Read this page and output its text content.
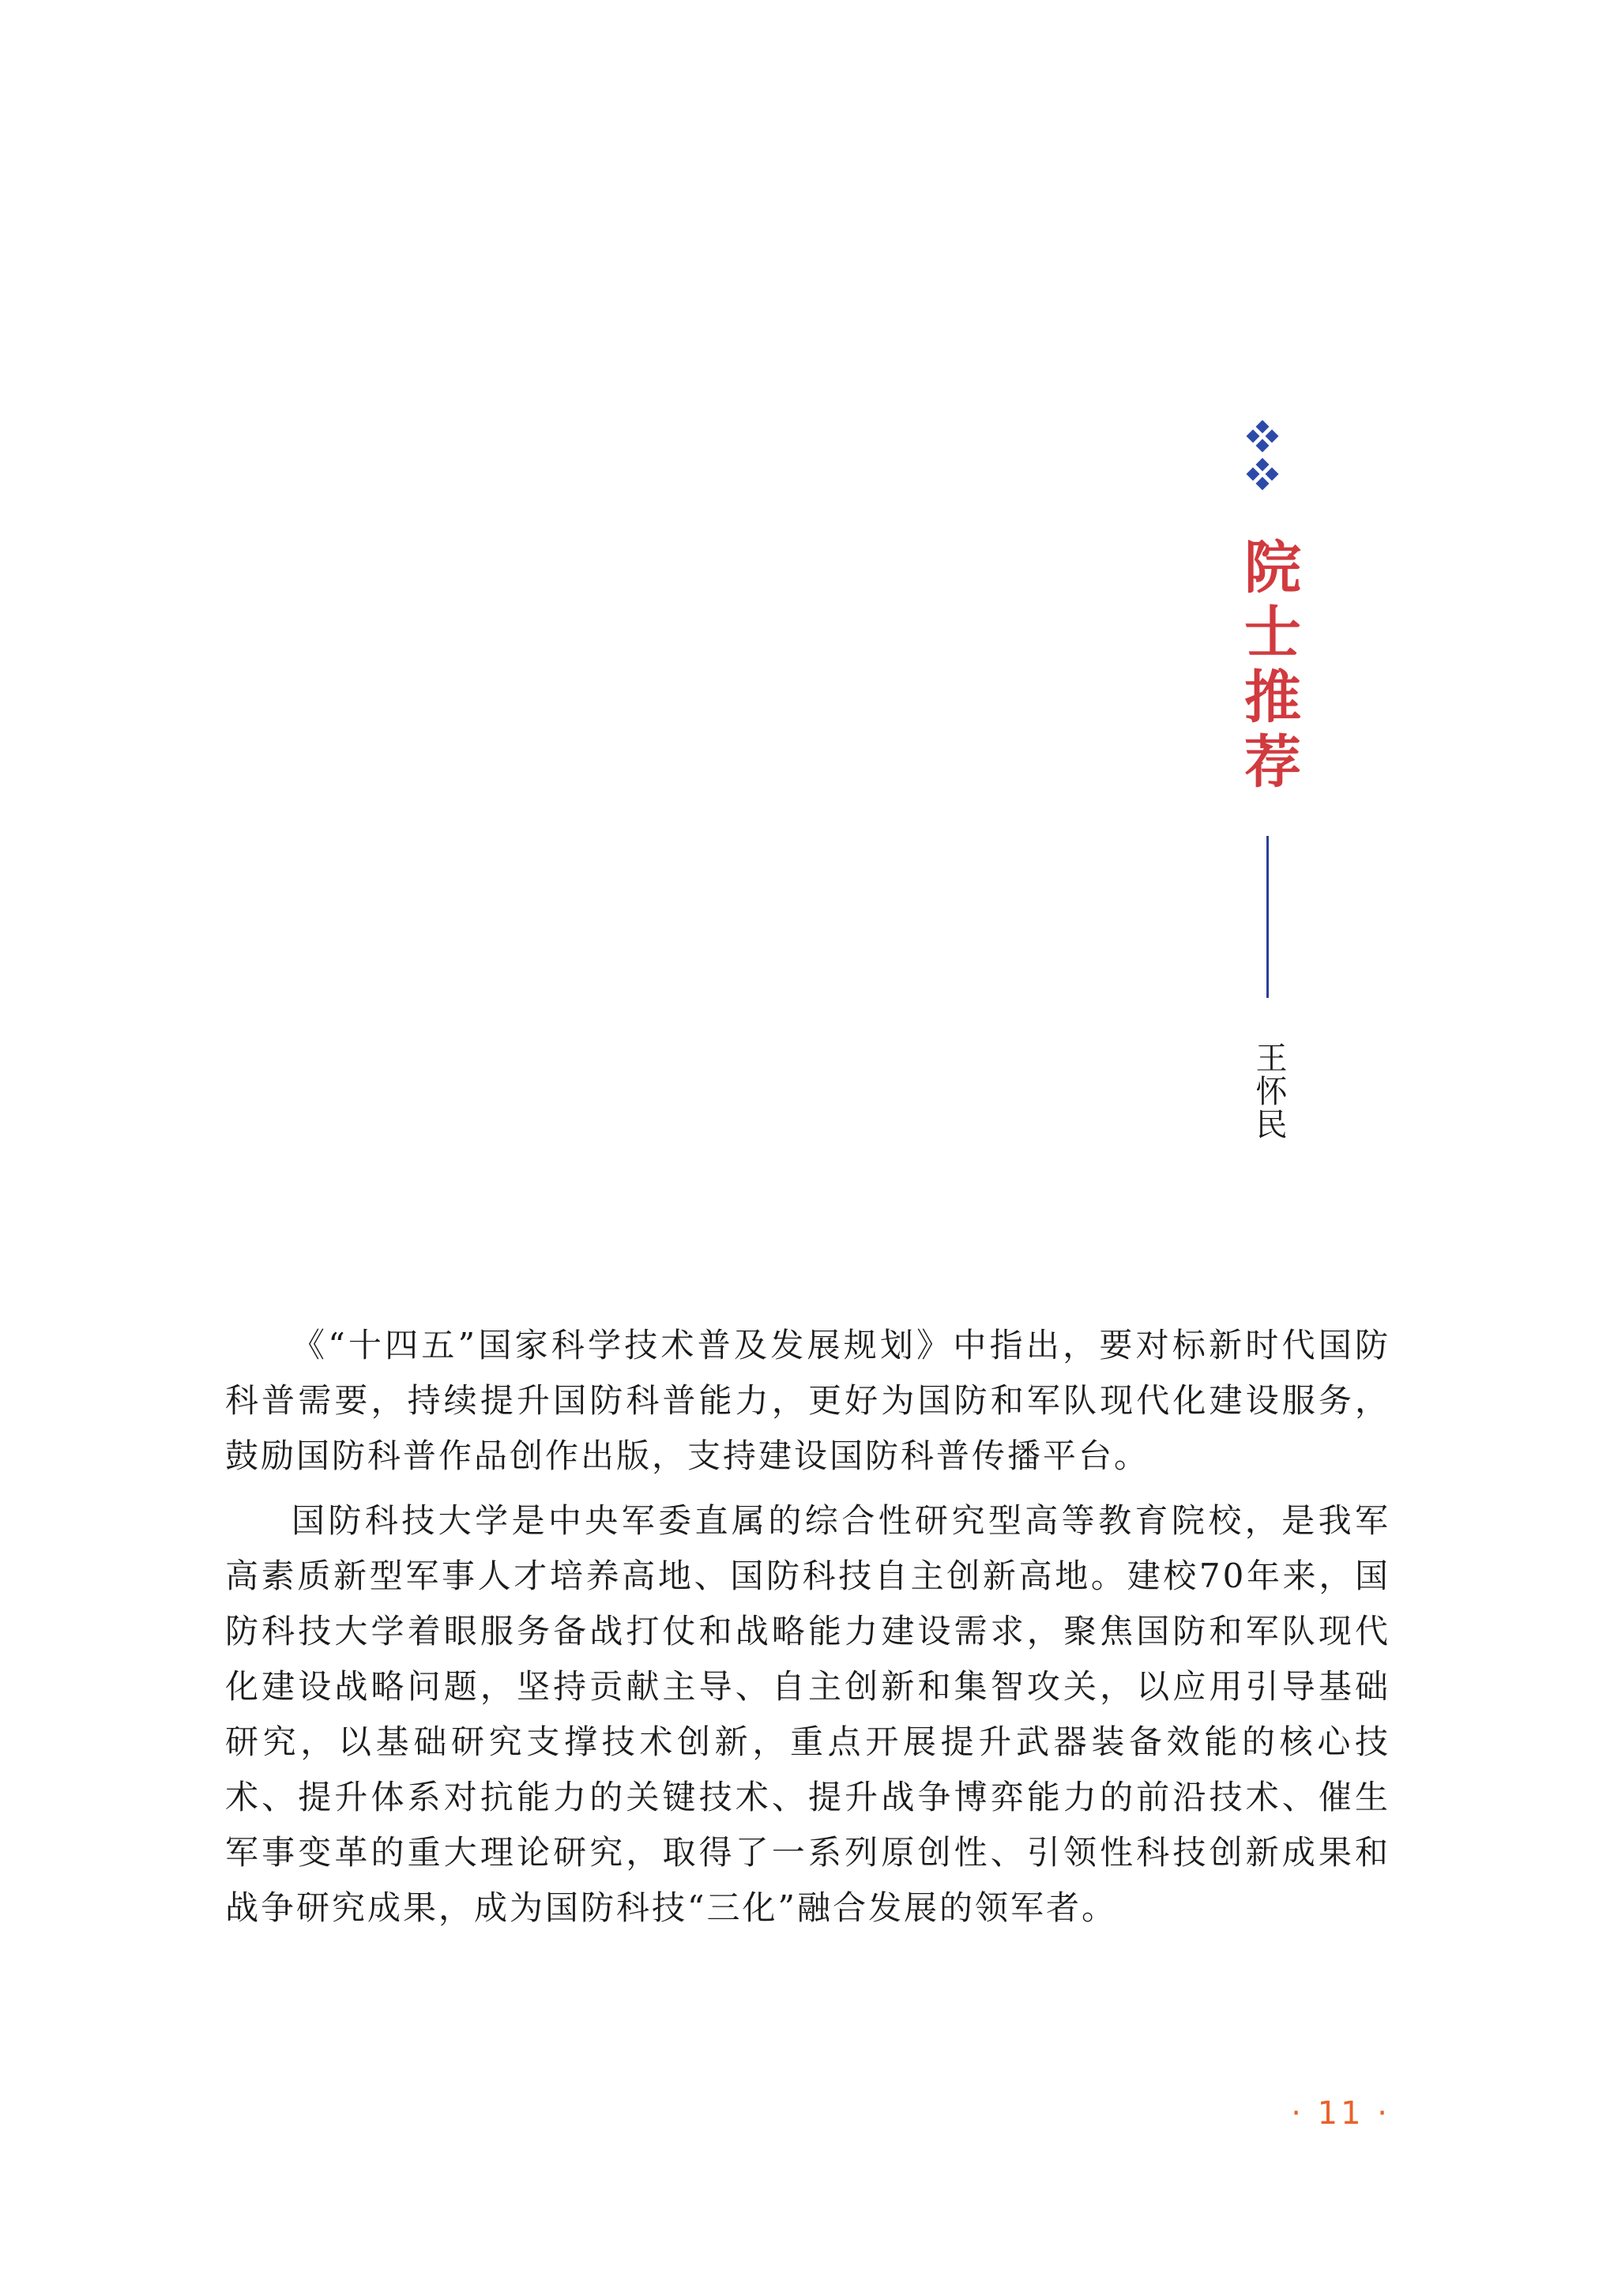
院士推荐
王怀民

《“十四五”国家科学技术普及发展规划》中指出，要对标新时代国防科普需要，持续提升国防科普能力，更好为国防和军队现代化建设服务，鼓励国防科普作品创作出版，支持建设国防科普传播平台。

国防科技大学是中央军委直属的综合性研究型高等教育院校，是我军高素质新型军事人才培养高地、国防科技自主创新高地。建校70年来，国防科技大学着眼服务备战打仗和战略能力建设需求，聚焦国防和军队现代化建设战略问题，坚持贡献主导、自主创新和集智攻关，以应用引导基础研究，以基础研究支撑技术创新，重点开展提升武器装备效能的核心技术、提升体系对抗能力的关键技术、提升战争博弈能力的前沿技术、催生军事变革的重大理论研究，取得了一系列原创性、引领性科技创新成果和战争研究成果，成为国防科技“三化”融合发展的领军者。

· 11 ·
